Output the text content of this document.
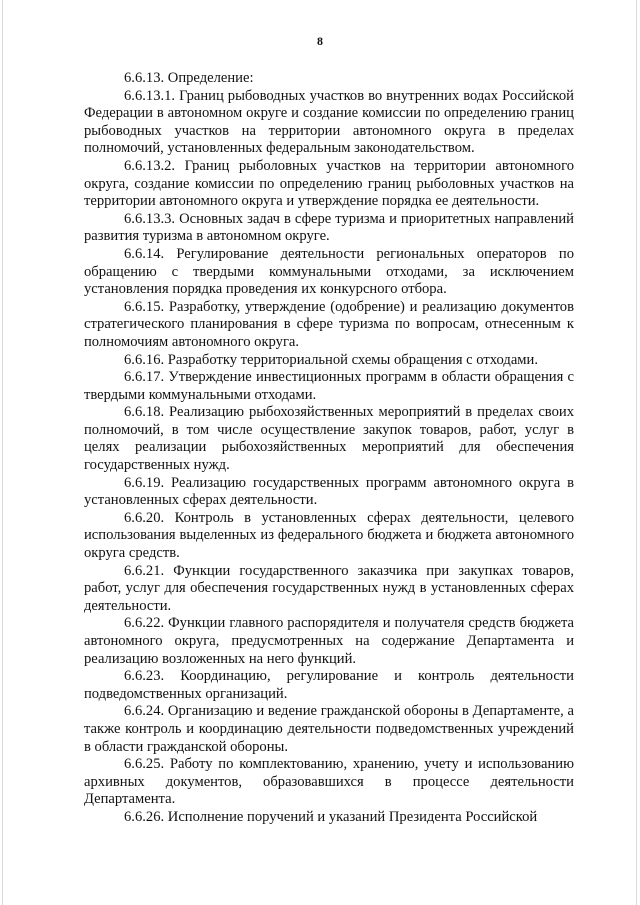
8

6.6.13. Определение:

6.6.13.1. Границ рыбоводных участков во внутренних водах Российской Федерации в автономном округе и создание комиссии по определению границ рыбоводных участков на территории автономного округа в пределах полномочий, установленных федеральным законодательством.

6.6.13.2. Границ рыболовных участков на территории автономного округа, создание комиссии по определению границ рыболовных участков на территории автономного округа и утверждение порядка ее деятельности.

6.6.13.3. Основных задач в сфере туризма и приоритетных направлений развития туризма в автономном округе.

6.6.14. Регулирование деятельности региональных операторов по обращению с твердыми коммунальными отходами, за исключением установления порядка проведения их конкурсного отбора.

6.6.15. Разработку, утверждение (одобрение) и реализацию документов стратегического планирования в сфере туризма по вопросам, отнесенным к полномочиям автономного округа.

6.6.16. Разработку территориальной схемы обращения с отходами.

6.6.17. Утверждение инвестиционных программ в области обращения с твердыми коммунальными отходами.

6.6.18. Реализацию рыбохозяйственных мероприятий в пределах своих полномочий, в том числе осуществление закупок товаров, работ, услуг в целях реализации рыбохозяйственных мероприятий для обеспечения государственных нужд.

6.6.19. Реализацию государственных программ автономного округа в установленных сферах деятельности.

6.6.20. Контроль в установленных сферах деятельности, целевого использования выделенных из федерального бюджета и бюджета автономного округа средств.

6.6.21. Функции государственного заказчика при закупках товаров, работ, услуг для обеспечения государственных нужд в установленных сферах деятельности.

6.6.22. Функции главного распорядителя и получателя средств бюджета автономного округа, предусмотренных на содержание Департамента и реализацию возложенных на него функций.

6.6.23. Координацию, регулирование и контроль деятельности подведомственных организаций.

6.6.24. Организацию и ведение гражданской обороны в Департаменте, а также контроль и координацию деятельности подведомственных учреждений в области гражданской обороны.

6.6.25. Работу по комплектованию, хранению, учету и использованию архивных документов, образовавшихся в процессе деятельности Департамента.

6.6.26. Исполнение поручений и указаний Президента Российской
